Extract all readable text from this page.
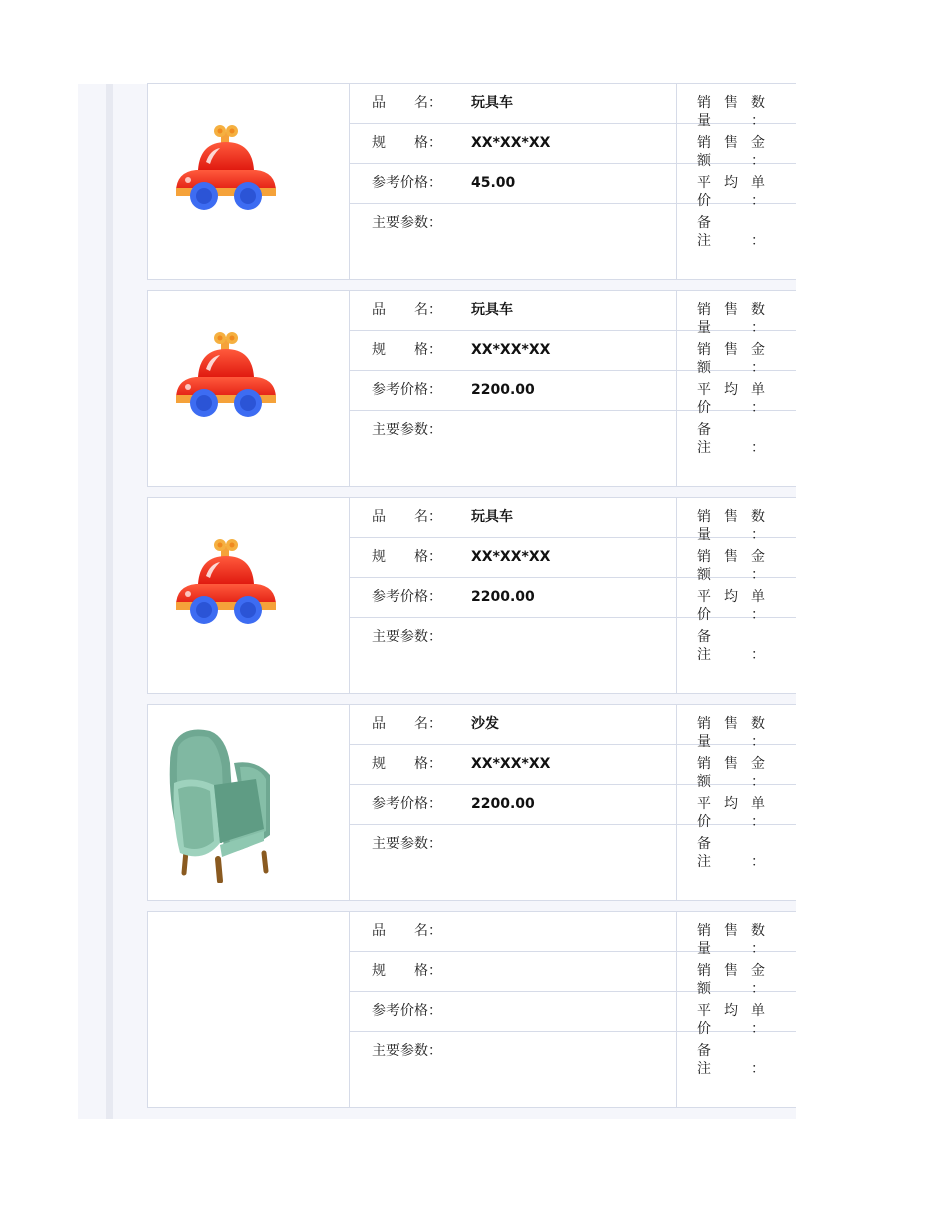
品　　名： 玩具车
规　　格： XX*XX*XX
参考价格： 45.00
主要参数：
销售数量：
销售金额：
平均单价：
备　　注：
品　　名： 玩具车
规　　格： XX*XX*XX
参考价格： 2200.00
主要参数：
销售数量：
销售金额：
平均单价：
备　　注：
品　　名： 玩具车
规　　格： XX*XX*XX
参考价格： 2200.00
主要参数：
销售数量：
销售金额：
平均单价：
备　　注：
品　　名： 沙发
规　　格： XX*XX*XX
参考价格： 2200.00
主要参数：
销售数量：
销售金额：
平均单价：
备　　注：
品　　名：
规　　格：
参考价格：
主要参数：
销售数量：
销售金额：
平均单价：
备　　注：
